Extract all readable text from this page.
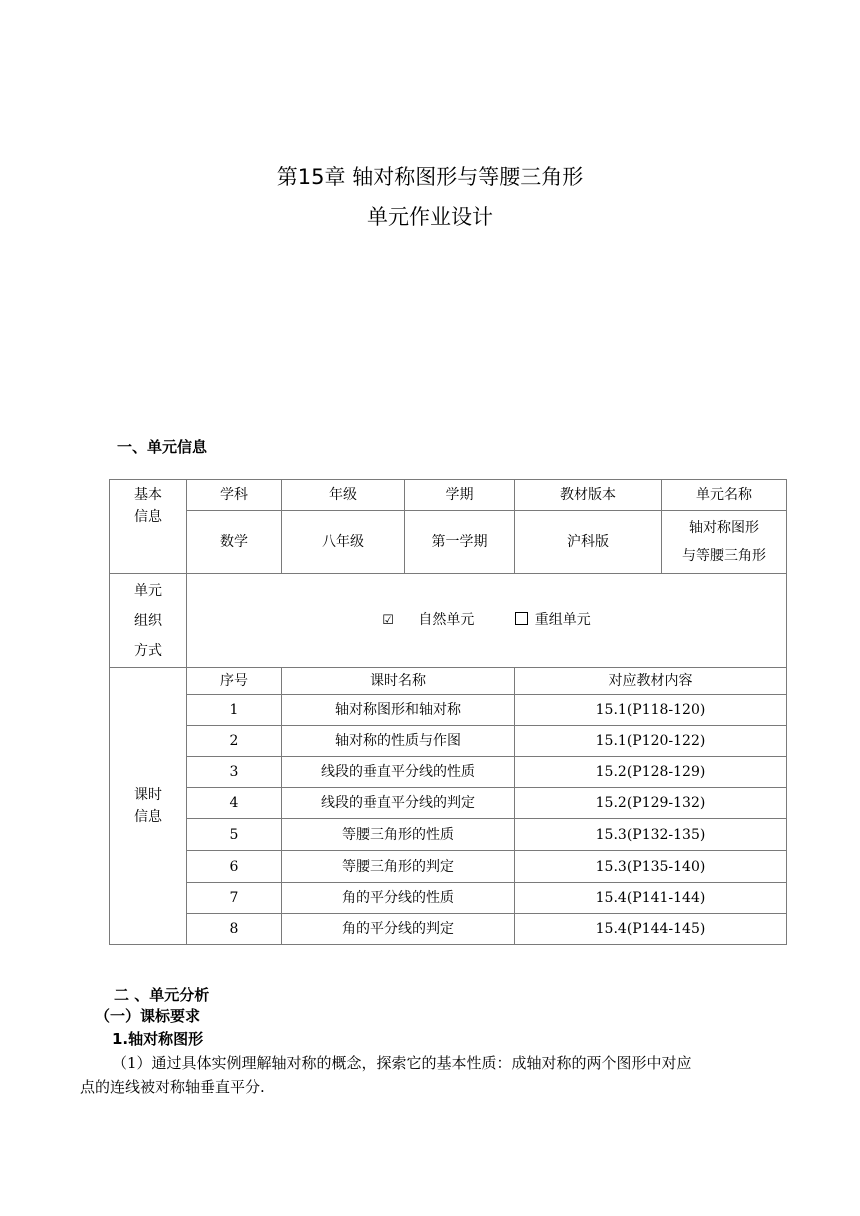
第15章 轴对称图形与等腰三角形
单元作业设计
一、单元信息
基本
信息	学科	年级	学期	教材版本	单元名称
	数学	八年级	第一学期	沪科版	轴对称图形
与等腰三角形

单元
组织
方式	☑ 自然单元 重组单元				

课时
信息	序号	课时名称		对应教材内容	
	1	轴对称图形和轴对称		15.1(P118-120)	
	2	轴对称的性质与作图		15.1(P120-122)	
	3	线段的垂直平分线的性质		15.2(P128-129)	
	4	线段的垂直平分线的判定		15.2(P129-132)	
	5	等腰三角形的性质		15.3(P132-135)	
	6	等腰三角形的判定		15.3(P135-140)	
	7	角的平分线的性质		15.4(P141-144)	
	8	角的平分线的判定		15.4(P144-145)	
二 、单元分析
（一）课标要求
1.轴对称图形
（1）通过具体实例理解轴对称的概念，探索它的基本性质：成轴对称的两个图形中对应
点的连线被对称轴垂直平分.
